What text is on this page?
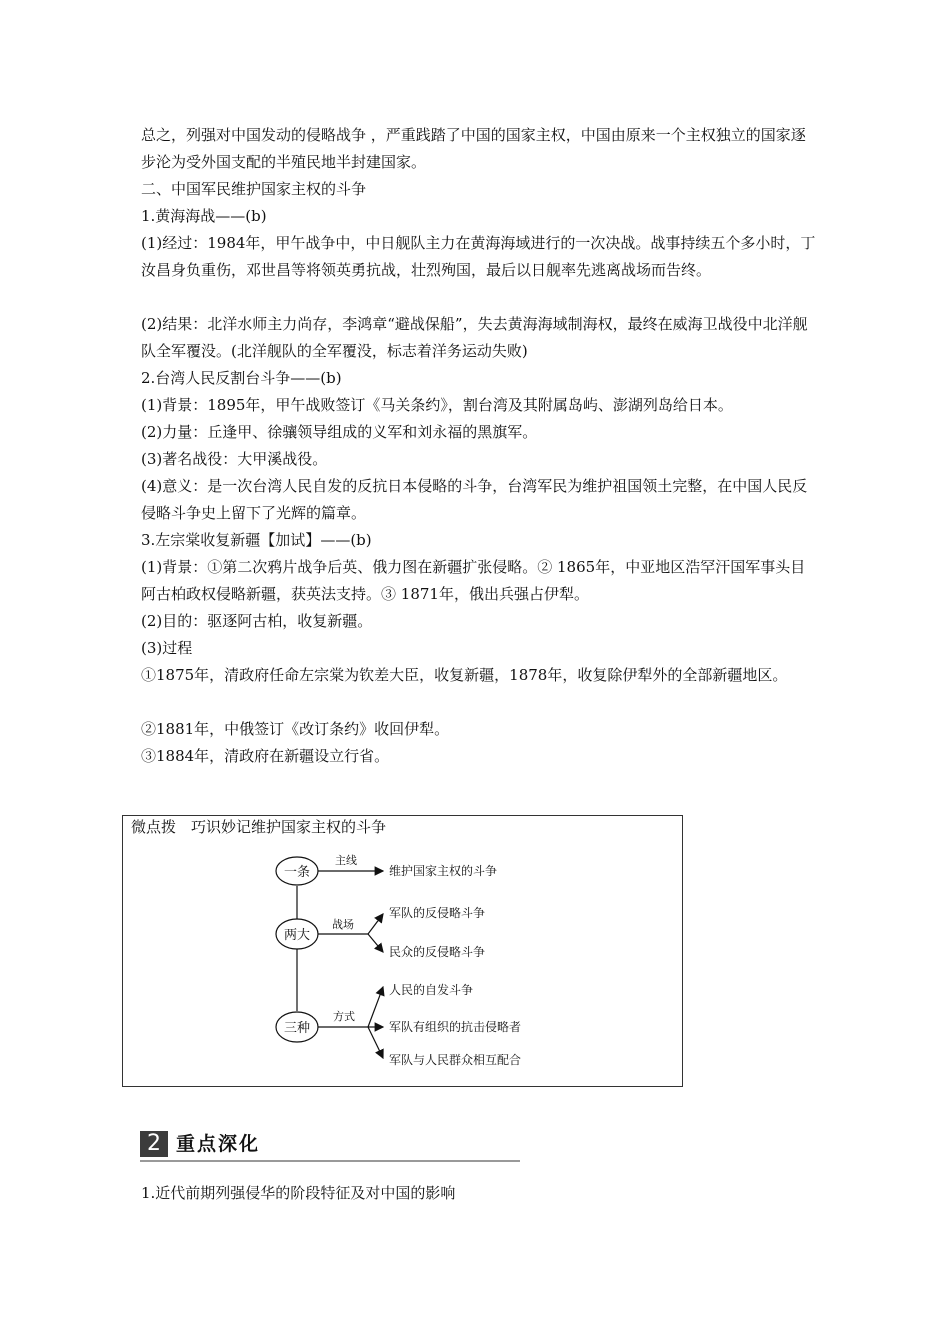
总之，列强对中国发动的侵略战争 ，严重践踏了中国的国家主权，中国由原来一个主权独立的国家逐步沦为受外国支配的半殖民地半封建国家。

二、中国军民维护国家主权的斗争

1.黄海海战——(b)

(1)经过：1984年，甲午战争中，中日舰队主力在黄海海域进行的一次决战。战事持续五个多小时，丁汝昌身负重伤，邓世昌等将领英勇抗战，壮烈殉国，最后以日舰率先逃离战场而告终。

(2)结果：北洋水师主力尚存，李鸿章“避战保船”，失去黄海海域制海权，最终在威海卫战役中北洋舰队全军覆没。(北洋舰队的全军覆没，标志着洋务运动失败)

2.台湾人民反割台斗争——(b)

(1)背景：1895年，甲午战败签订《马关条约》，割台湾及其附属岛屿、澎湖列岛给日本。

(2)力量：丘逢甲、徐骧领导组成的义军和刘永福的黑旗军。

(3)著名战役：大甲溪战役。

(4)意义：是一次台湾人民自发的反抗日本侵略的斗争，台湾军民为维护祖国领土完整，在中国人民反侵略斗争史上留下了光辉的篇章。

3.左宗棠收复新疆【加试】——(b)

(1)背景：①第二次鸦片战争后英、俄力图在新疆扩张侵略。② 1865年，中亚地区浩罕汗国军事头目阿古柏政权侵略新疆，获英法支持。③ 1871年，俄出兵强占伊犁。

(2)目的：驱逐阿古柏，收复新疆。

(3)过程

①1875年，清政府任命左宗棠为钦差大臣，收复新疆，1878年，收复除伊犁外的全部新疆地区。

②1881年，中俄签订《改订条约》收回伊犁。

③1884年，清政府在新疆设立行省。

微点拨　巧识妙记维护国家主权的斗争
一条
两大
三种
主线
维护国家主权的斗争
战场
军队的反侵略斗争
民众的反侵略斗争
方式
人民的自发斗争
军队有组织的抗击侵略者
军队与人民群众相互配合
2 重点深化

1.近代前期列强侵华的阶段特征及对中国的影响
